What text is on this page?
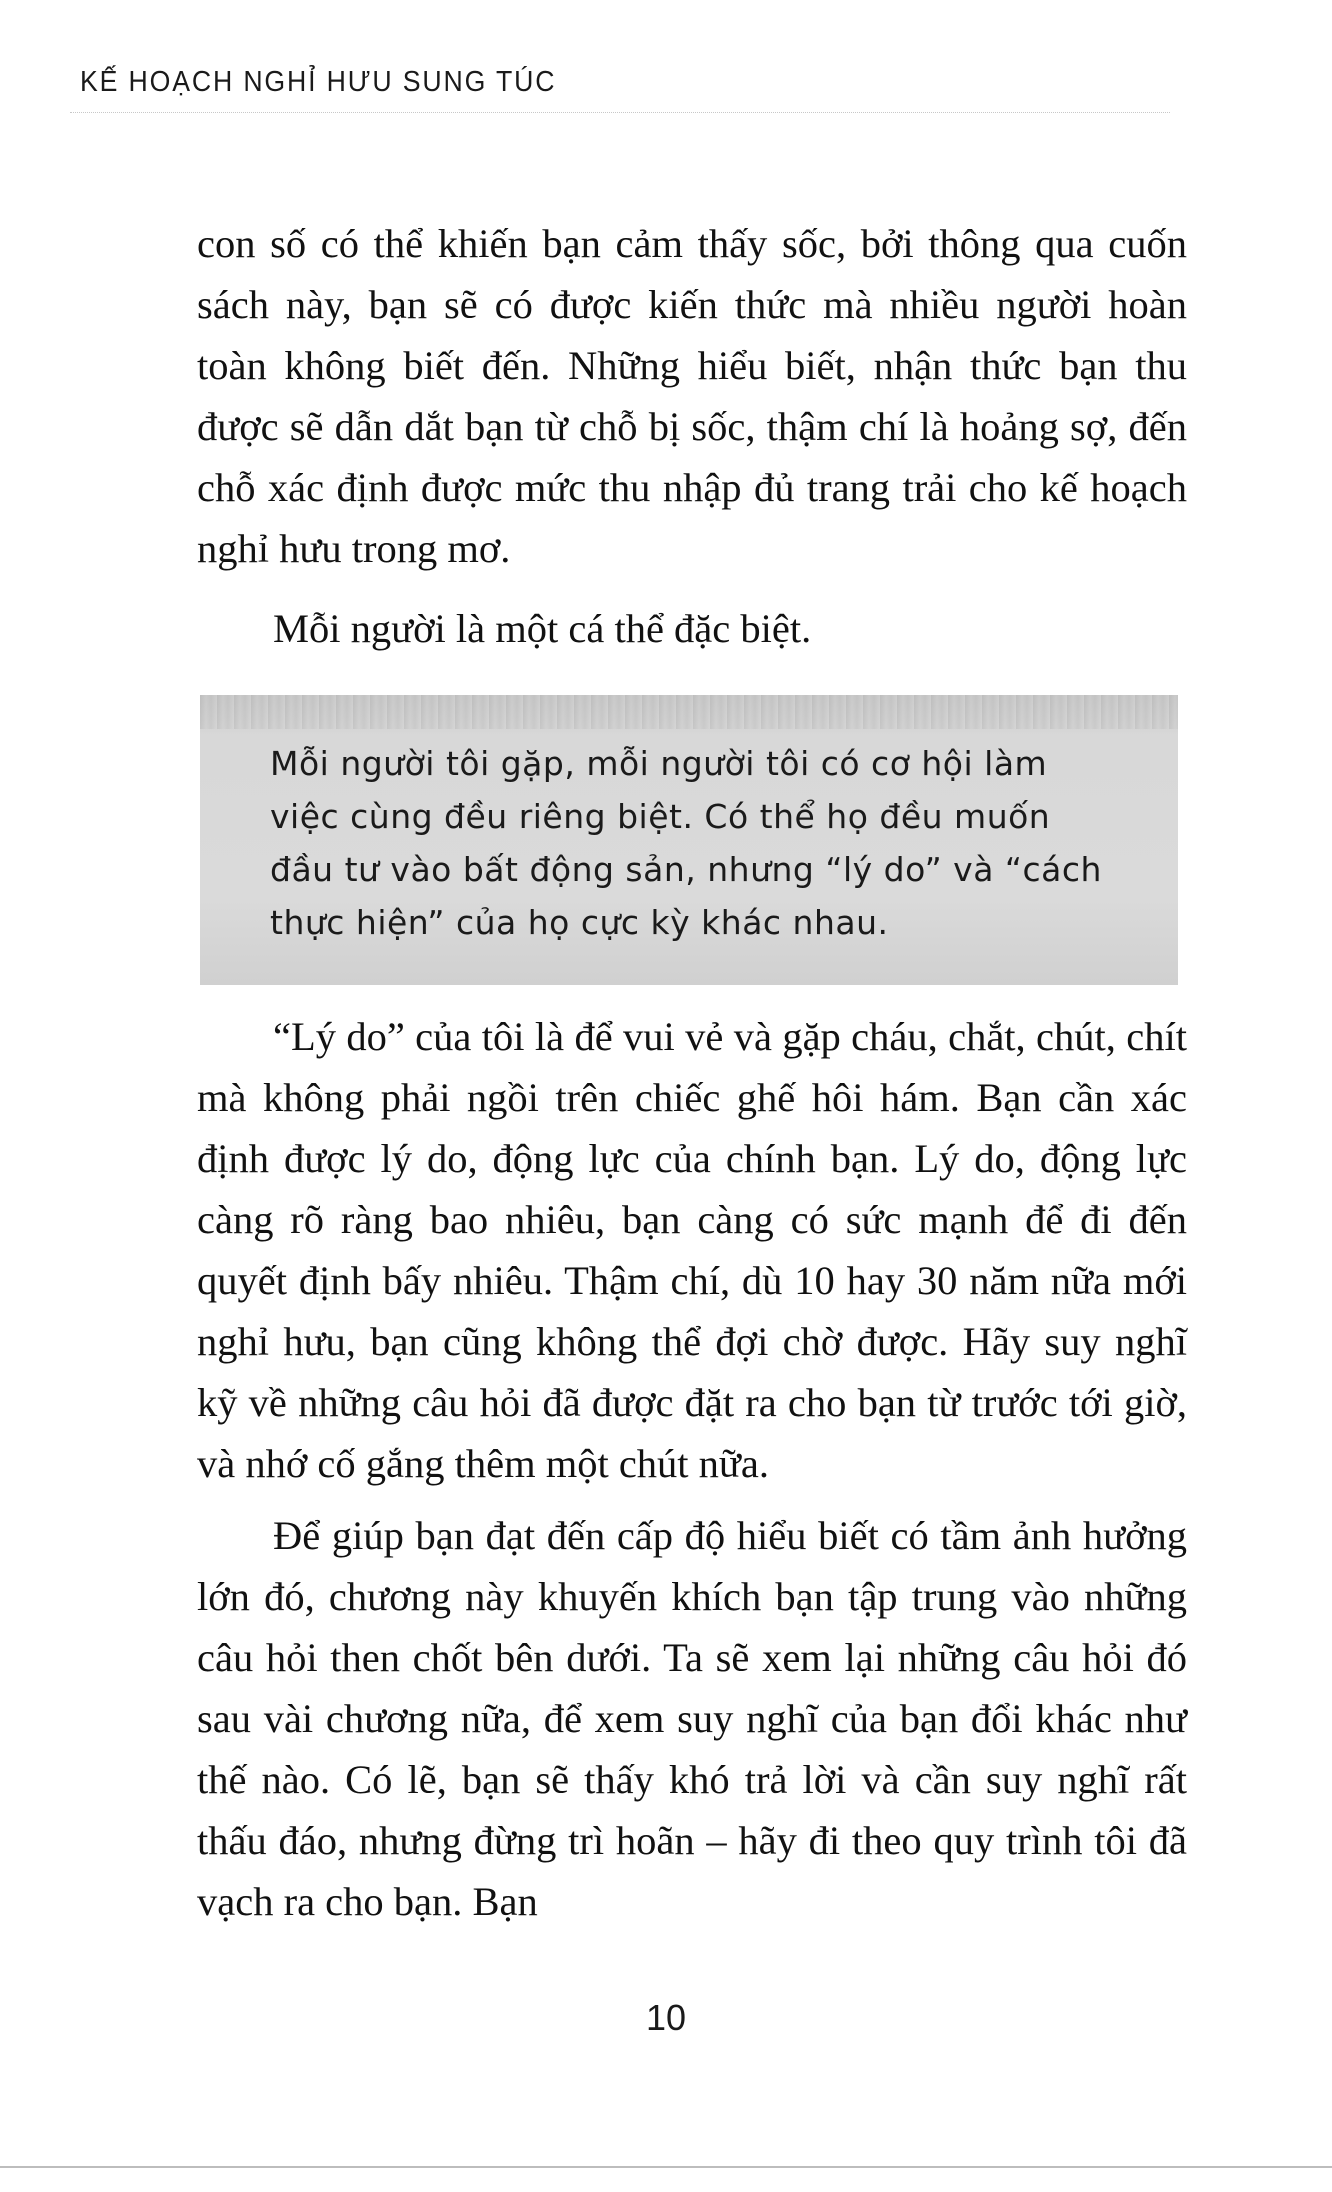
KẾ HOẠCH NGHỈ HƯU SUNG TÚC

con số có thể khiến bạn cảm thấy sốc, bởi thông qua cuốn sách này, bạn sẽ có được kiến thức mà nhiều người hoàn toàn không biết đến. Những hiểu biết, nhận thức bạn thu được sẽ dẫn dắt bạn từ chỗ bị sốc, thậm chí là hoảng sợ, đến chỗ xác định được mức thu nhập đủ trang trải cho kế hoạch nghỉ hưu trong mơ.

Mỗi người là một cá thể đặc biệt.

Mỗi người tôi gặp, mỗi người tôi có cơ hội làm việc cùng đều riêng biệt. Có thể họ đều muốn đầu tư vào bất động sản, nhưng “lý do” và “cách thực hiện” của họ cực kỳ khác nhau.

“Lý do” của tôi là để vui vẻ và gặp cháu, chắt, chút, chít mà không phải ngồi trên chiếc ghế hôi hám. Bạn cần xác định được lý do, động lực của chính bạn. Lý do, động lực càng rõ ràng bao nhiêu, bạn càng có sức mạnh để đi đến quyết định bấy nhiêu. Thậm chí, dù 10 hay 30 năm nữa mới nghỉ hưu, bạn cũng không thể đợi chờ được. Hãy suy nghĩ kỹ về những câu hỏi đã được đặt ra cho bạn từ trước tới giờ, và nhớ cố gắng thêm một chút nữa.

Để giúp bạn đạt đến cấp độ hiểu biết có tầm ảnh hưởng lớn đó, chương này khuyến khích bạn tập trung vào những câu hỏi then chốt bên dưới. Ta sẽ xem lại những câu hỏi đó sau vài chương nữa, để xem suy nghĩ của bạn đổi khác như thế nào. Có lẽ, bạn sẽ thấy khó trả lời và cần suy nghĩ rất thấu đáo, nhưng đừng trì hoãn – hãy đi theo quy trình tôi đã vạch ra cho bạn. Bạn

10
